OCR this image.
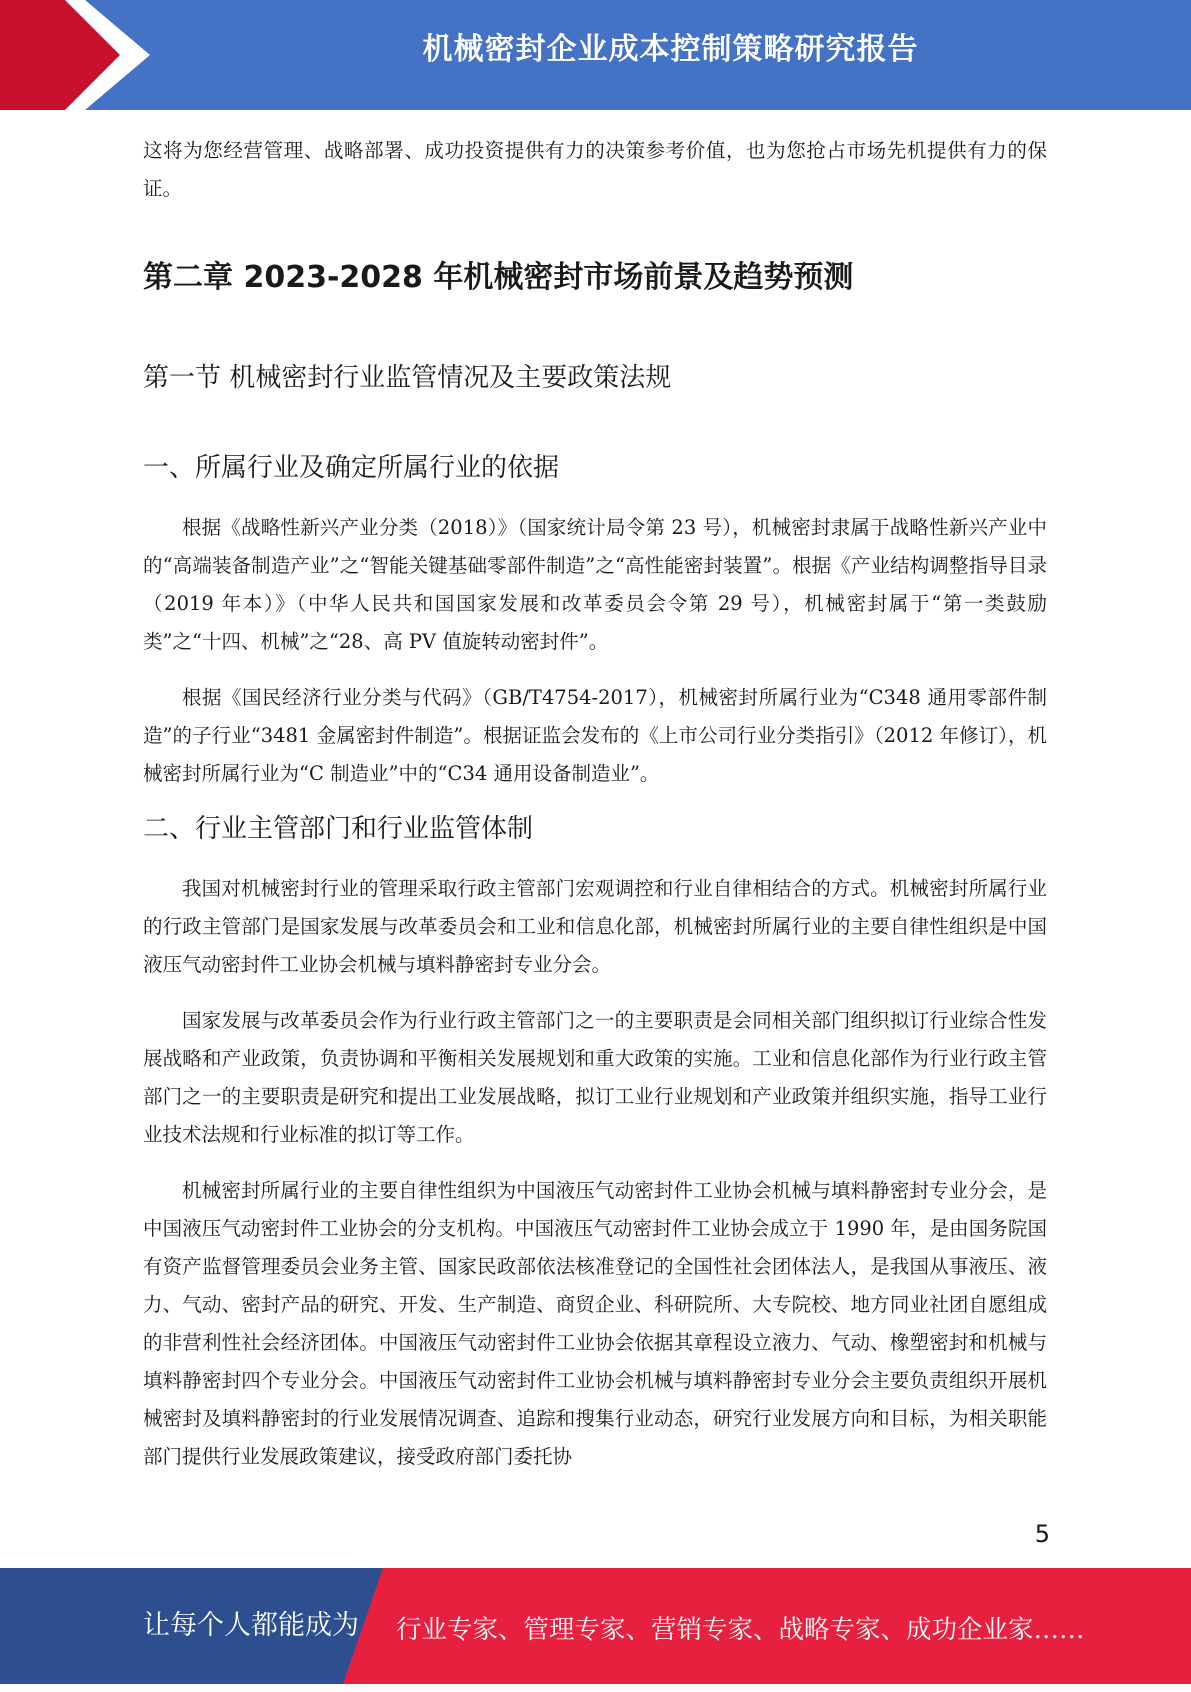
机械密封企业成本控制策略研究报告

这将为您经营管理、战略部署、成功投资提供有力的决策参考价值，也为您抢占市场先机提供有力的保证。

第二章 2023-2028 年机械密封市场前景及趋势预测
第一节 机械密封行业监管情况及主要政策法规
一、所属行业及确定所属行业的依据

根据《战略性新兴产业分类（2018）》（国家统计局令第 23 号），机械密封隶属于战略性新兴产业中的“高端装备制造产业”之“智能关键基础零部件制造”之“高性能密封装置”。根据《产业结构调整指导目录（2019 年本）》（中华人民共和国国家发展和改革委员会令第 29 号），机械密封属于“第一类鼓励类”之“十四、机械”之“28、高 PV 值旋转动密封件”。

根据《国民经济行业分类与代码》（GB/T4754-2017），机械密封所属行业为“C348 通用零部件制造”的子行业“3481 金属密封件制造”。根据证监会发布的《上市公司行业分类指引》（2012 年修订），机械密封所属行业为“C 制造业”中的“C34 通用设备制造业”。

二、行业主管部门和行业监管体制

我国对机械密封行业的管理采取行政主管部门宏观调控和行业自律相结合的方式。机械密封所属行业的行政主管部门是国家发展与改革委员会和工业和信息化部，机械密封所属行业的主要自律性组织是中国液压气动密封件工业协会机械与填料静密封专业分会。

国家发展与改革委员会作为行业行政主管部门之一的主要职责是会同相关部门组织拟订行业综合性发展战略和产业政策，负责协调和平衡相关发展规划和重大政策的实施。工业和信息化部作为行业行政主管部门之一的主要职责是研究和提出工业发展战略，拟订工业行业规划和产业政策并组织实施，指导工业行业技术法规和行业标准的拟订等工作。

机械密封所属行业的主要自律性组织为中国液压气动密封件工业协会机械与填料静密封专业分会，是中国液压气动密封件工业协会的分支机构。中国液压气动密封件工业协会成立于 1990 年，是由国务院国有资产监督管理委员会业务主管、国家民政部依法核准登记的全国性社会团体法人，是我国从事液压、液力、气动、密封产品的研究、开发、生产制造、商贸企业、科研院所、大专院校、地方同业社团自愿组成的非营利性社会经济团体。中国液压气动密封件工业协会依据其章程设立液力、气动、橡塑密封和机械与填料静密封四个专业分会。中国液压气动密封件工业协会机械与填料静密封专业分会主要负责组织开展机械密封及填料静密封的行业发展情况调查、追踪和搜集行业动态，研究行业发展方向和目标，为相关职能部门提供行业发展政策建议，接受政府部门委托协

5
让每个人都能成为 行业专家、管理专家、营销专家、战略专家、成功企业家……
